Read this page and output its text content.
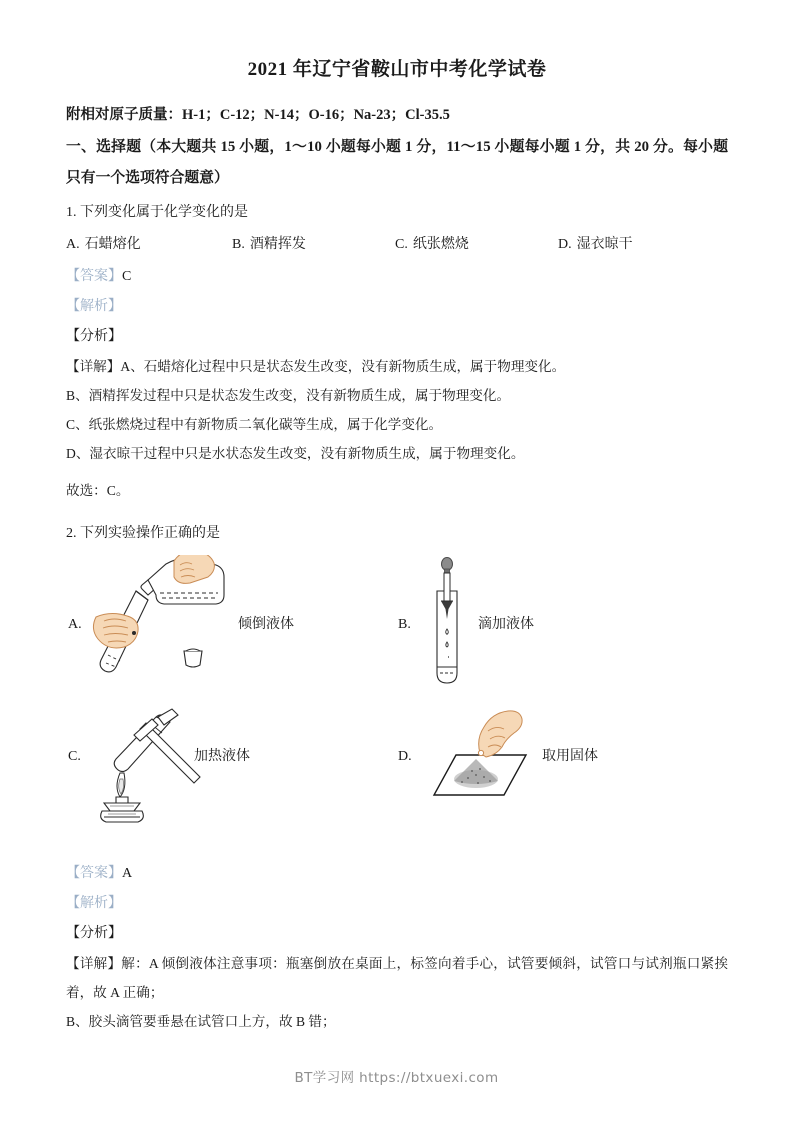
2021 年辽宁省鞍山市中考化学试卷

附相对原子质量：H-1；C-12；N-14；O-16；Na-23；Cl-35.5

一、选择题（本大题共 15 小题，1～10 小题每小题 1 分，11～15 小题每小题 1 分，共 20 分。每小题只有一个选项符合题意）

1. 下列变化属于化学变化的是

A. 石蜡熔化	B. 酒精挥发	C. 纸张燃烧	D. 湿衣晾干

【答案】C

【解析】

【分析】

【详解】A、石蜡熔化过程中只是状态发生改变，没有新物质生成，属于物理变化。

B、酒精挥发过程中只是状态发生改变，没有新物质生成，属于物理变化。

C、纸张燃烧过程中有新物质二氧化碳等生成，属于化学变化。

D、湿衣晾干过程中只是水状态发生改变，没有新物质生成，属于物理变化。

故选：C。

2. 下列实验操作正确的是

A.	倾倒液体	B.	滴加液体
C.	加热液体	D.	取用固体

【答案】A

【解析】

【分析】

【详解】解：A 倾倒液体注意事项：瓶塞倒放在桌面上，标签向着手心，试管要倾斜，试管口与试剂瓶口紧挨着，故 A 正确；

B、胶头滴管要垂悬在试管口上方，故 B 错；

BT学习网 https://btxuexi.com
